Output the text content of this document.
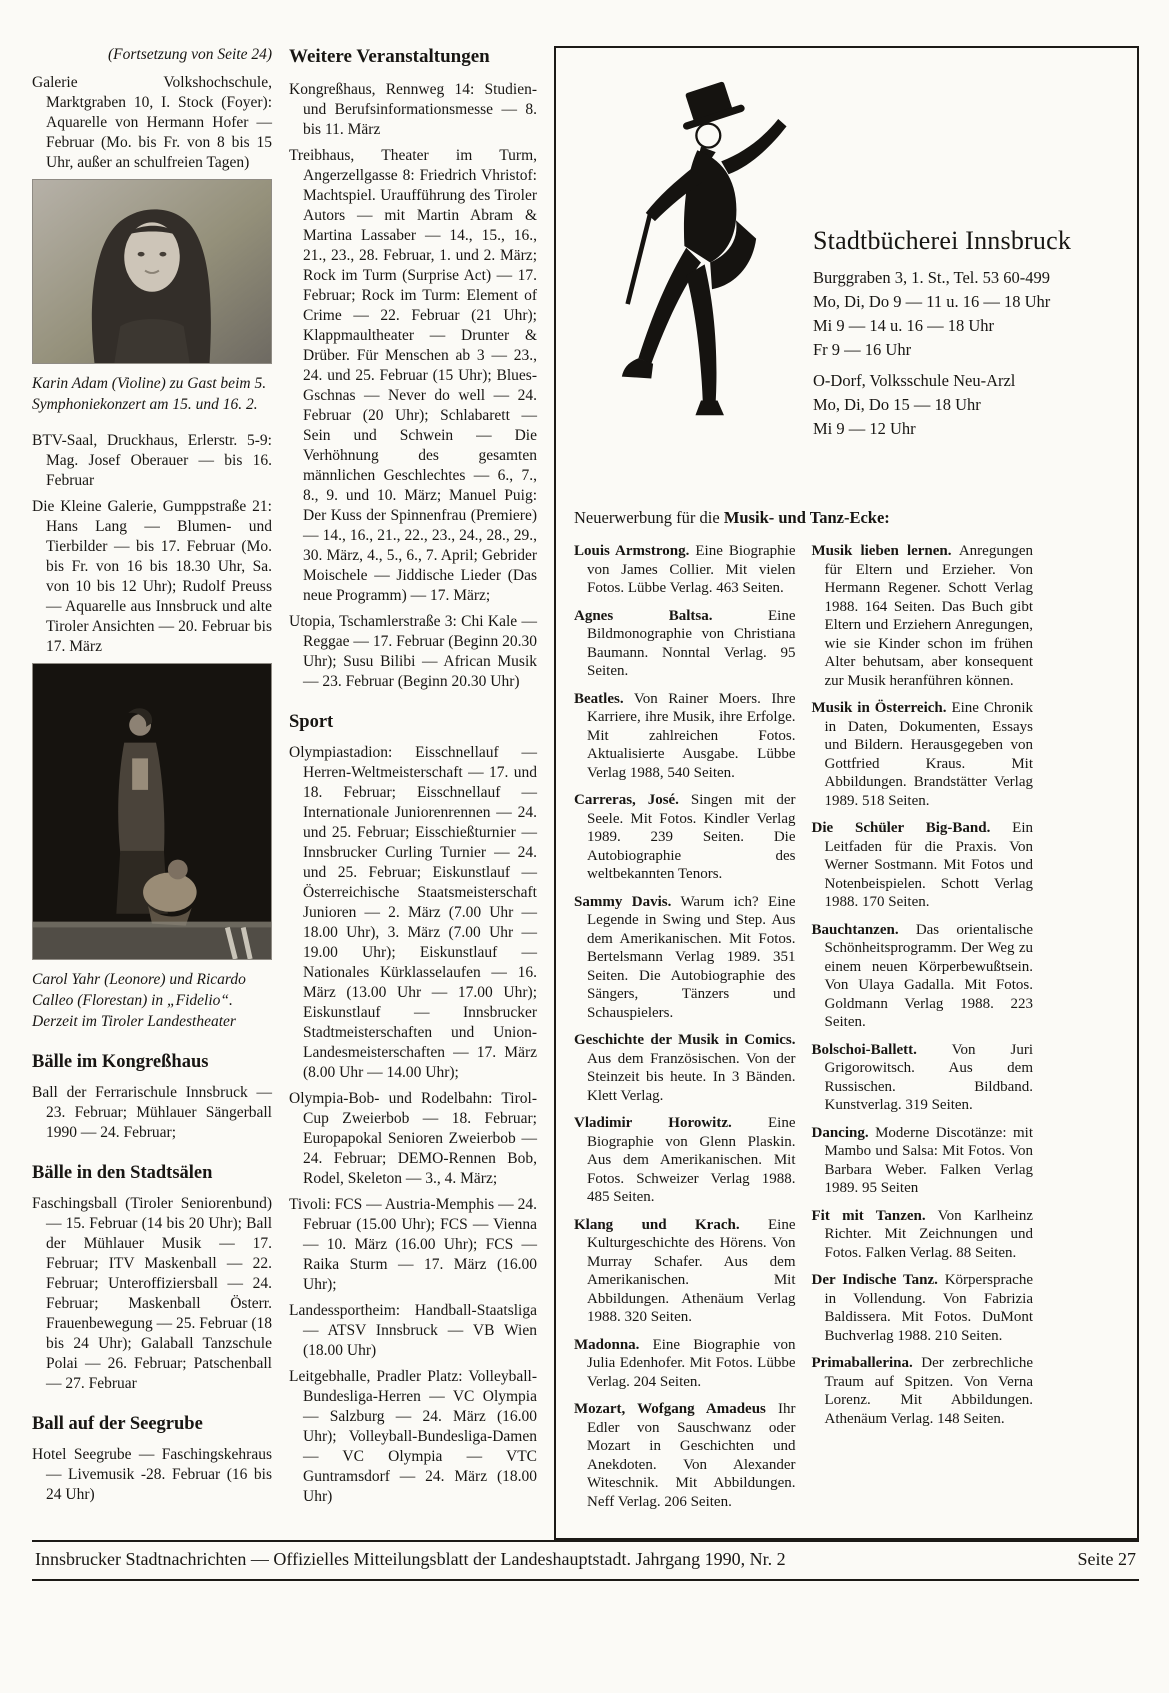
(Fortsetzung von Seite 24)

Galerie Volkshochschule, Marktgraben 10, I. Stock (Foyer): Aquarelle von Hermann Hofer — Februar (Mo. bis Fr. von 8 bis 15 Uhr, außer an schulfreien Tagen)

Karin Adam (Violine) zu Gast beim 5. Symphoniekonzert am 15. und 16. 2.

BTV-Saal, Druckhaus, Erlerstr. 5-9: Mag. Josef Oberauer — bis 16. Februar

Die Kleine Galerie, Gumppstraße 21: Hans Lang — Blumen- und Tierbilder — bis 17. Februar (Mo. bis Fr. von 16 bis 18.30 Uhr, Sa. von 10 bis 12 Uhr); Rudolf Preuss — Aquarelle aus Innsbruck und alte Tiroler Ansichten — 20. Februar bis 17. März

Carol Yahr (Leonore) und Ricardo Calleo (Florestan) in „Fidelio“. Derzeit im Tiroler Landestheater
Bälle im Kongreßhaus

Ball der Ferrarischule Innsbruck — 23. Februar; Mühlauer Sängerball 1990 — 24. Februar;

Bälle in den Stadtsälen

Faschingsball (Tiroler Seniorenbund) — 15. Februar (14 bis 20 Uhr); Ball der Mühlauer Musik — 17. Februar; ITV Maskenball — 22. Februar; Unteroffiziersball — 24. Februar; Maskenball Österr. Frauenbewegung — 25. Februar (18 bis 24 Uhr); Galaball Tanzschule Polai — 26. Februar; Patschenball — 27. Februar

Ball auf der Seegrube

Hotel Seegrube — Faschingskehraus — Livemusik -28. Februar (16 bis 24 Uhr)

Weitere Veranstaltungen

Kongreßhaus, Rennweg 14: Studien- und Berufsinformationsmesse — 8. bis 11. März

Treibhaus, Theater im Turm, Angerzellgasse 8: Friedrich Vhristof: Machtspiel. Uraufführung des Tiroler Autors — mit Martin Abram & Martina Lassaber — 14., 15., 16., 21., 23., 28. Februar, 1. und 2. März; Rock im Turm (Surprise Act) — 17. Februar; Rock im Turm: Element of Crime — 22. Februar (21 Uhr); Klappmaultheater — Drunter & Drüber. Für Menschen ab 3 — 23., 24. und 25. Februar (15 Uhr); Blues-Gschnas — Never do well — 24. Februar (20 Uhr); Schlabarett — Sein und Schwein — Die Verhöhnung des gesamten männlichen Geschlechtes — 6., 7., 8., 9. und 10. März; Manuel Puig: Der Kuss der Spinnenfrau (Premiere) — 14., 16., 21., 22., 23., 24., 28., 29., 30. März, 4., 5., 6., 7. April; Gebrider Moischele — Jiddische Lieder (Das neue Programm) — 17. März;

Utopia, Tschamlerstraße 3: Chi Kale — Reggae — 17. Februar (Beginn 20.30 Uhr); Susu Bilibi — African Musik — 23. Februar (Beginn 20.30 Uhr)

Sport

Olympiastadion: Eisschnellauf — Herren-Weltmeisterschaft — 17. und 18. Februar; Eisschnellauf — Internationale Juniorenrennen — 24. und 25. Februar; Eisschießturnier — Innsbrucker Curling Turnier — 24. und 25. Februar; Eiskunstlauf — Österreichische Staatsmeisterschaft Junioren — 2. März (7.00 Uhr — 18.00 Uhr), 3. März (7.00 Uhr — 19.00 Uhr); Eiskunstlauf — Nationales Kürklasselaufen — 16. März (13.00 Uhr — 17.00 Uhr); Eiskunstlauf — Innsbrucker Stadtmeisterschaften und Union-Landesmeisterschaften — 17. März (8.00 Uhr — 14.00 Uhr);

Olympia-Bob- und Rodelbahn: Tirol-Cup Zweierbob — 18. Februar; Europapokal Senioren Zweierbob — 24. Februar; DEMO-Rennen Bob, Rodel, Skeleton — 3., 4. März;

Tivoli: FCS — Austria-Memphis — 24. Februar (15.00 Uhr); FCS — Vienna — 10. März (16.00 Uhr); FCS — Raika Sturm — 17. März (16.00 Uhr);

Landessportheim: Handball-Staatsliga — ATSV Innsbruck — VB Wien (18.00 Uhr)

Leitgebhalle, Pradler Platz: Volleyball-Bundesliga-Herren — VC Olympia — Salzburg — 24. März (16.00 Uhr); Volleyball-Bundesliga-Damen — VC Olympia — VTC Guntramsdorf — 24. März (18.00 Uhr)

Stadtbücherei Innsbruck

Burggraben 3, 1. St., Tel. 53 60-499

Mo, Di, Do 9 — 11 u. 16 — 18 Uhr

Mi 9 — 14 u. 16 — 18 Uhr

Fr 9 — 16 Uhr

O-Dorf, Volksschule Neu-Arzl

Mo, Di, Do 15 — 18 Uhr

Mi 9 — 12 Uhr

Neuerwerbung für die Musik- und Tanz-Ecke:

Louis Armstrong. Eine Biographie von James Collier. Mit vielen Fotos. Lübbe Verlag. 463 Seiten.

Agnes Baltsa.	Eine Bildmonographie von Christiana Baumann. Nonntal Verlag. 95 Seiten.

Beatles. Von Rainer Moers. Ihre Karriere, ihre Musik, ihre Erfolge. Mit zahlreichen Fotos. Aktualisierte Ausgabe. Lübbe Verlag 1988, 540 Seiten.

Carreras, José. Singen mit der Seele. Mit Fotos. Kindler Verlag 1989. 239 Seiten. Die Autobiographie des weltbekannten Tenors.

Sammy Davis. Warum ich? Eine Legende in Swing und Step. Aus dem Amerikanischen. Mit Fotos. Bertelsmann Verlag 1989. 351 Seiten. Die Autobiographie des Sängers, Tänzers und Schauspielers.

Geschichte der Musik in Comics. Aus dem Französischen. Von der Steinzeit bis heute. In 3 Bänden. Klett Verlag.

Vladimir Horowitz. Eine Biographie von Glenn Plaskin. Aus dem Amerikanischen. Mit Fotos. Schweizer Verlag 1988. 485 Seiten.

Klang und Krach. Eine Kulturgeschichte des Hörens. Von Murray Schafer. Aus dem Amerikanischen. Mit Abbildungen. Athenäum Verlag 1988. 320 Seiten.

Madonna. Eine Biographie von Julia Edenhofer. Mit Fotos. Lübbe Verlag. 204 Seiten.

Mozart, Wofgang Amadeus Ihr Edler von Sauschwanz oder Mozart in Geschichten und Anekdoten. Von Alexander Witeschnik. Mit Abbildungen. Neff Verlag. 206 Seiten.

Musik lieben lernen. Anregungen für Eltern und Erzieher. Von Hermann Regener. Schott Verlag 1988. 164 Seiten. Das Buch gibt Eltern und Erziehern Anregungen, wie sie Kinder schon im frühen Alter behutsam, aber konsequent zur Musik heranführen können.

Musik in Österreich. Eine Chronik in Daten, Dokumenten, Essays und Bildern. Herausgegeben von Gottfried Kraus. Mit Abbildungen. Brandstätter Verlag 1989. 518 Seiten.

Die Schüler Big-Band. Ein Leitfaden für die Praxis. Von Werner Sostmann. Mit Fotos und Notenbeispielen. Schott Verlag 1988. 170 Seiten.

Bauchtanzen. Das orientalische Schönheitsprogramm. Der Weg zu einem neuen Körperbewußtsein. Von Ulaya Gadalla. Mit Fotos. Goldmann Verlag 1988. 223 Seiten.

Bolschoi-Ballett. Von Juri Grigorowitsch. Aus dem Russischen. Bildband. Kunstverlag. 319 Seiten.

Dancing. Moderne Discotänze: mit Mambo und Salsa: Mit Fotos. Von Barbara Weber. Falken Verlag 1989. 95 Seiten

Fit mit Tanzen. Von Karlheinz Richter. Mit Zeichnungen und Fotos. Falken Verlag. 88 Seiten.

Der Indische Tanz. Körpersprache in Vollendung. Von Fabrizia Baldissera. Mit Fotos. DuMont Buchverlag 1988. 210 Seiten.

Primaballerina. Der zerbrechliche Traum auf Spitzen. Von Verna Lorenz. Mit Abbildungen. Athenäum Verlag. 148 Seiten.

Innsbrucker Stadtnachrichten — Offizielles Mitteilungsblatt der Landeshauptstadt. Jahrgang 1990, Nr. 2	Seite 27
